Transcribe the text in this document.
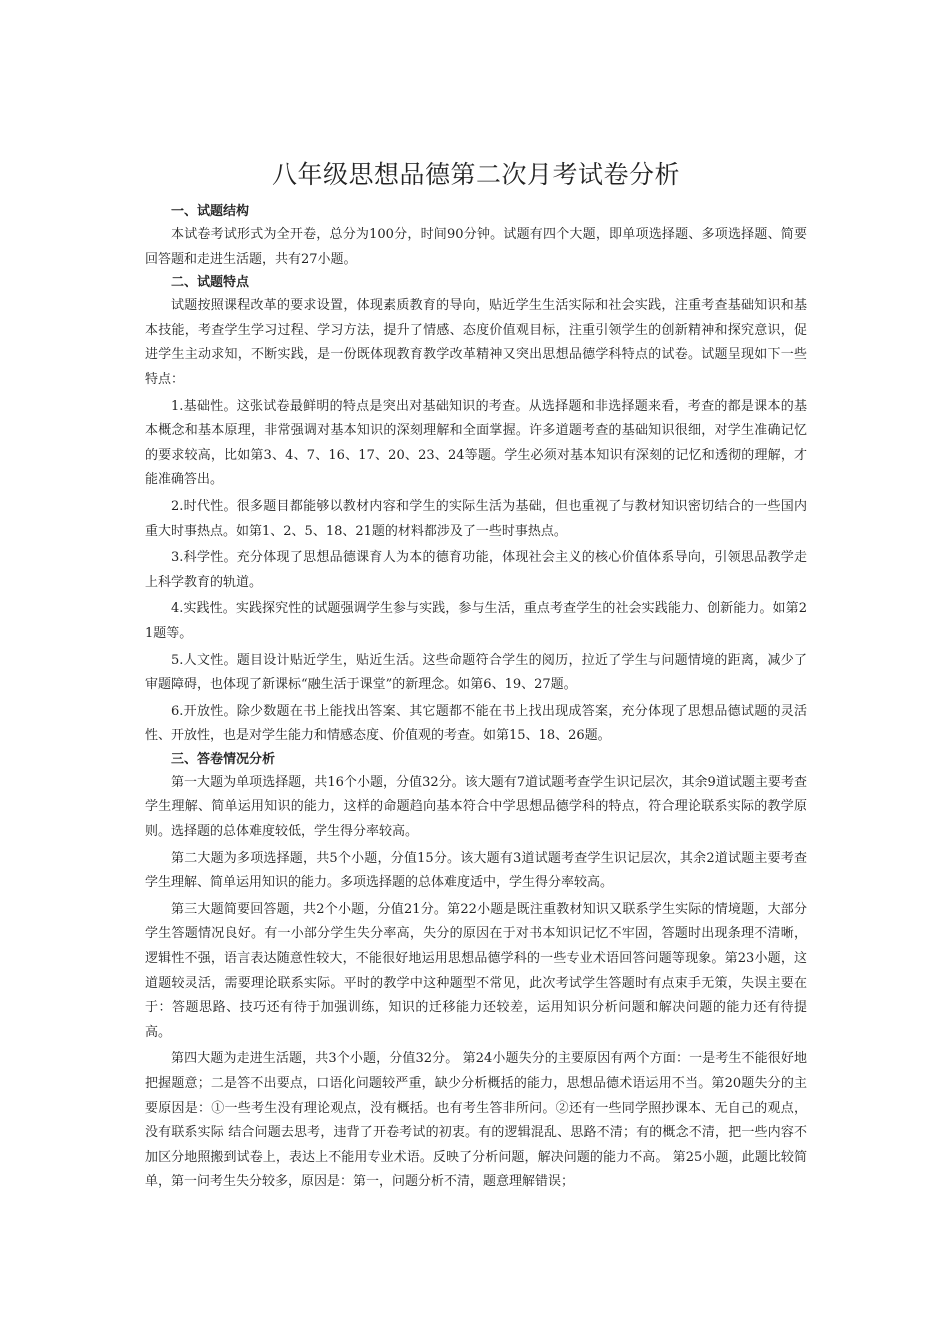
八年级思想品德第二次月考试卷分析

一、试题结构

本试卷考试形式为全开卷，总分为100分，时间90分钟。试题有四个大题，即单项选择题、多项选择题、简要回答题和走进生活题，共有27小题。

二、试题特点

试题按照课程改革的要求设置，体现素质教育的导向，贴近学生生活实际和社会实践，注重考查基础知识和基本技能，考查学生学习过程、学习方法，提升了情感、态度价值观目标，注重引领学生的创新精神和探究意识，促进学生主动求知，不断实践，是一份既体现教育教学改革精神又突出思想品德学科特点的试卷。试题呈现如下一些特点：

1.基础性。这张试卷最鲜明的特点是突出对基础知识的考查。从选择题和非选择题来看，考查的都是课本的基本概念和基本原理，非常强调对基本知识的深刻理解和全面掌握。许多道题考查的基础知识很细，对学生准确记忆的要求较高，比如第3、4、7、16、17、20、23、24等题。学生必须对基本知识有深刻的记忆和透彻的理解，才能准确答出。

2.时代性。很多题目都能够以教材内容和学生的实际生活为基础，但也重视了与教材知识密切结合的一些国内重大时事热点。如第1、2、5、18、21题的材料都涉及了一些时事热点。

3.科学性。充分体现了思想品德课育人为本的德育功能，体现社会主义的核心价值体系导向，引领思品教学走上科学教育的轨道。

4.实践性。实践探究性的试题强调学生参与实践，参与生活，重点考查学生的社会实践能力、创新能力。如第21题等。

5.人文性。题目设计贴近学生，贴近生活。这些命题符合学生的阅历，拉近了学生与问题情境的距离，减少了审题障碍，也体现了新课标“融生活于课堂”的新理念。如第6、19、27题。

6.开放性。除少数题在书上能找出答案、其它题都不能在书上找出现成答案，充分体现了思想品德试题的灵活性、开放性，也是对学生能力和情感态度、价值观的考查。如第15、18、26题。

三、答卷情况分析

第一大题为单项选择题，共16个小题，分值32分。该大题有7道试题考查学生识记层次，其余9道试题主要考查学生理解、简单运用知识的能力，这样的命题趋向基本符合中学思想品德学科的特点，符合理论联系实际的教学原则。选择题的总体难度较低，学生得分率较高。

第二大题为多项选择题，共5个小题，分值15分。该大题有3道试题考查学生识记层次，其余2道试题主要考查学生理解、简单运用知识的能力。多项选择题的总体难度适中，学生得分率较高。

第三大题简要回答题，共2个小题，分值21分。第22小题是既注重教材知识又联系学生实际的情境题，大部分学生答题情况良好。有一小部分学生失分率高，失分的原因在于对书本知识记忆不牢固，答题时出现条理不清晰，逻辑性不强，语言表达随意性较大，不能很好地运用思想品德学科的一些专业术语回答问题等现象。第23小题，这道题较灵活，需要理论联系实际。平时的教学中这种题型不常见，此次考试学生答题时有点束手无策，失误主要在于：答题思路、技巧还有待于加强训练，知识的迁移能力还较差，运用知识分析问题和解决问题的能力还有待提高。

第四大题为走进生活题，共3个小题，分值32分。 第24小题失分的主要原因有两个方面：一是考生不能很好地把握题意；二是答不出要点，口语化问题较严重，缺少分析概括的能力，思想品德术语运用不当。第20题失分的主要原因是：①一些考生没有理论观点，没有概括。也有考生答非所问。②还有一些同学照抄课本、无自己的观点，没有联系实际 结合问题去思考，违背了开卷考试的初衷。有的逻辑混乱、思路不清；有的概念不清，把一些内容不加区分地照搬到试卷上，表达上不能用专业术语。反映了分析问题，解决问题的能力不高。 第25小题，此题比较简单，第一问考生失分较多，原因是：第一，问题分析不清，题意理解错误；
